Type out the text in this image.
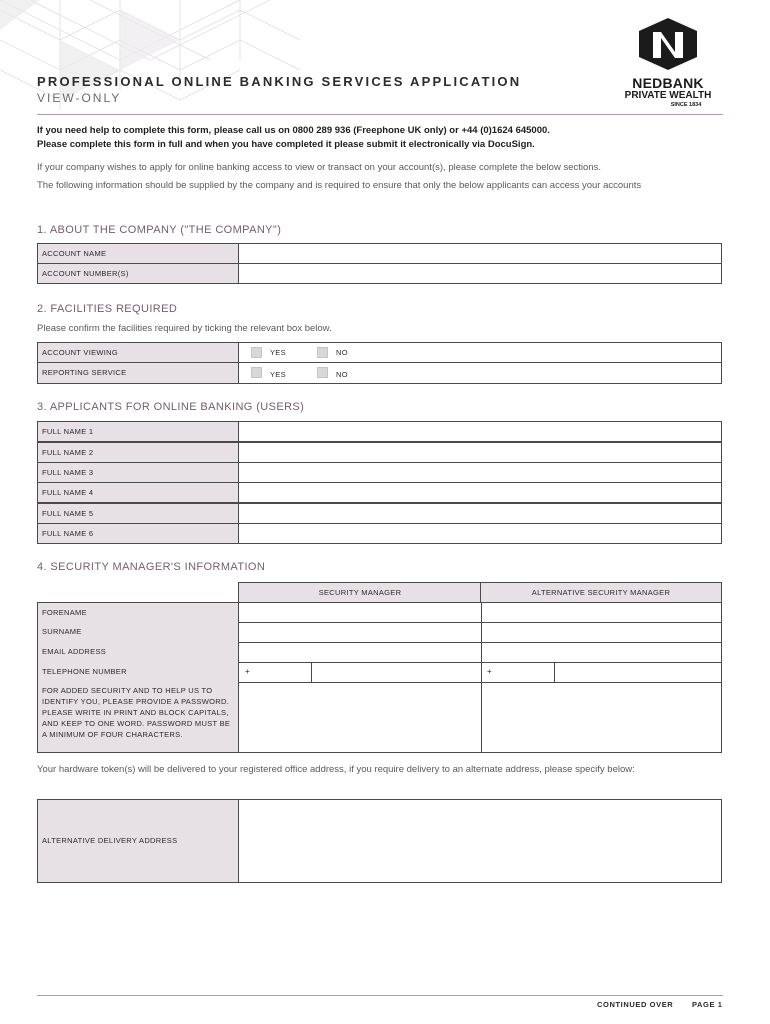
NEDBANK
PRIVATE WEALTH
SINCE 1834
PROFESSIONAL ONLINE BANKING SERVICES APPLICATION
VIEW-ONLY
If you need help to complete this form, please call us on 0800 289 936 (Freephone UK only) or +44 (0)1624 645000.
Please complete this form in full and when you have completed it please submit it electronically via DocuSign.
If your company wishes to apply for online banking access to view or transact on your account(s), please complete the below sections.
The following information should be supplied by the company and is required to ensure that only the below applicants can access your accounts
1. ABOUT THE COMPANY ("THE COMPANY")
ACCOUNT NAME
ACCOUNT NUMBER(S)
2. FACILITIES REQUIRED
Please confirm the facilities required by ticking the relevant box below.
ACCOUNT VIEWING	YES	NO
REPORTING SERVICE	YES	NO
3. APPLICANTS FOR ONLINE BANKING (USERS)
FULL NAME 1
FULL NAME 2
FULL NAME 3
FULL NAME 4
FULL NAME 5
FULL NAME 6
4. SECURITY MANAGER'S INFORMATION
SECURITY MANAGER	ALTERNATIVE SECURITY MANAGER
FORENAME
SURNAME
EMAIL ADDRESS
TELEPHONE NUMBER	+	+
FOR ADDED SECURITY AND TO HELP US TO IDENTIFY YOU, PLEASE PROVIDE A PASSWORD. PLEASE WRITE IN PRINT AND BLOCK CAPITALS, AND KEEP TO ONE WORD. PASSWORD MUST BE A MINIMUM OF FOUR CHARACTERS.
Your hardware token(s) will be delivered to your registered office address, if you require delivery to an alternate address, please specify below:
ALTERNATIVE DELIVERY ADDRESS
CONTINUED OVER PAGE 1
